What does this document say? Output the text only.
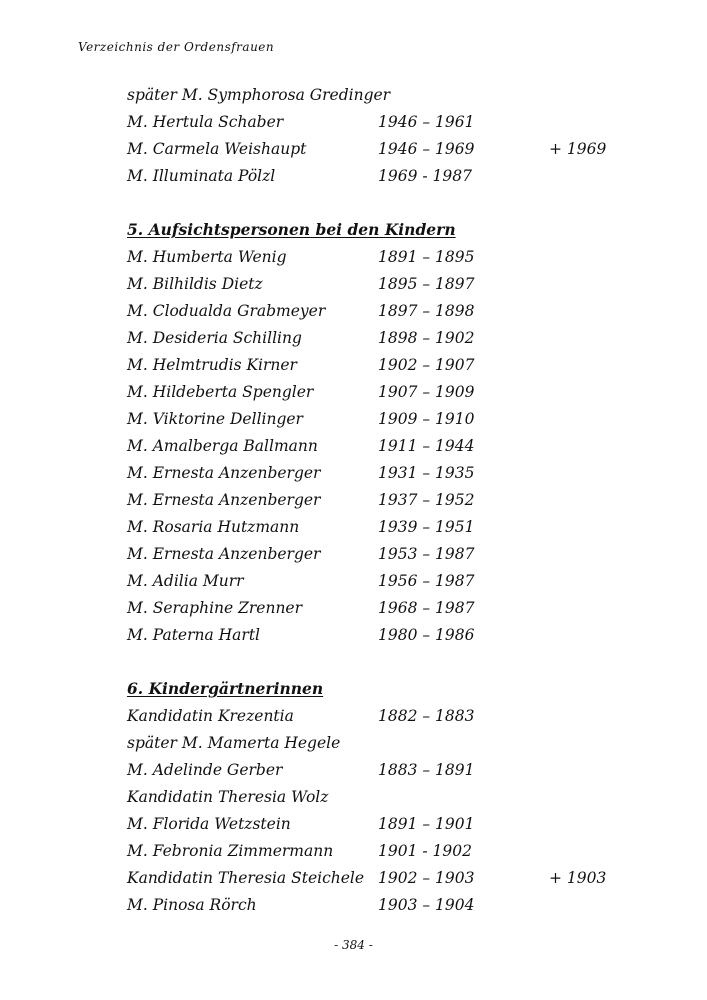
Verzeichnis der Ordensfrauen
später M. Symphorosa Gredinger
M. Hertula Schaber	1946 – 1961
M. Carmela Weishaupt	1946 – 1969	+ 1969
M. Illuminata Pölzl	1969 - 1987
5. Aufsichtspersonen bei den Kindern
M. Humberta Wenig	1891 – 1895
M. Bilhildis Dietz	1895 – 1897
M. Clodualda Grabmeyer	1897 – 1898
M. Desideria Schilling	1898 – 1902
M. Helmtrudis Kirner	1902 – 1907
M. Hildeberta Spengler	1907 – 1909
M. Viktorine Dellinger	1909 – 1910
M. Amalberga Ballmann	1911 – 1944
M. Ernesta Anzenberger	1931 – 1935
M. Ernesta Anzenberger	1937 – 1952
M. Rosaria Hutzmann	1939 – 1951
M. Ernesta Anzenberger	1953 – 1987
M. Adilia Murr	1956 – 1987
M. Seraphine Zrenner	1968 – 1987
M. Paterna Hartl	1980 – 1986
6. Kindergärtnerinnen
Kandidatin Krezentia	1882 – 1883
später M. Mamerta Hegele
M. Adelinde Gerber	1883 – 1891
Kandidatin Theresia Wolz
M. Florida Wetzstein	1891 – 1901
M. Febronia Zimmermann	1901 - 1902
Kandidatin Theresia Steichele 1902 – 1903	+ 1903
M. Pinosa Rörch	1903 – 1904
- 384 -
